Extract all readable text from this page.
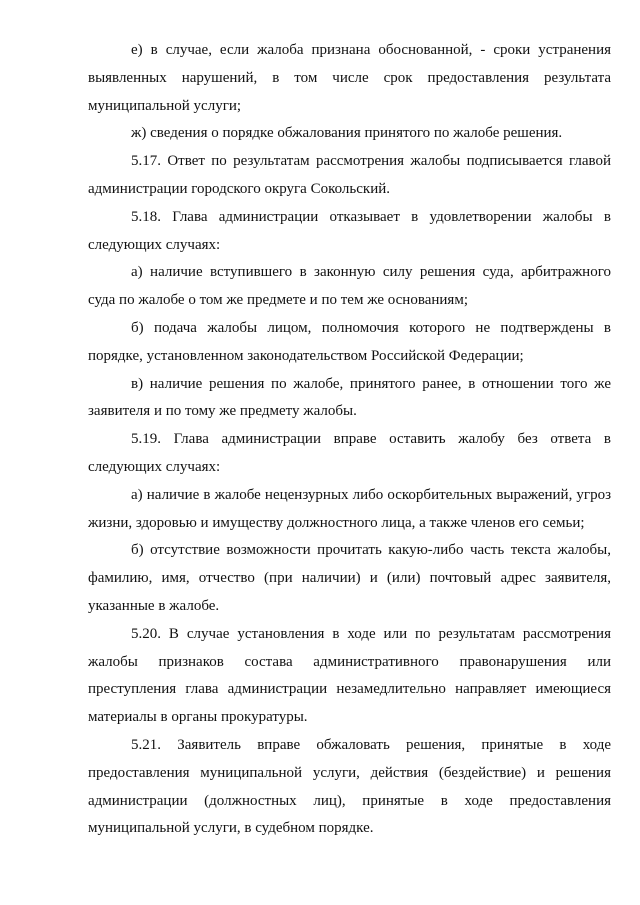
е) в случае, если жалоба признана обоснованной, - сроки устранения выявленных нарушений, в том числе срок предоставления результата муниципальной услуги;

ж) сведения о порядке обжалования принятого по жалобе решения.

5.17. Ответ по результатам рассмотрения жалобы подписывается главой администрации городского округа Сокольский.

5.18. Глава администрации отказывает в удовлетворении жалобы в следующих случаях:

а) наличие вступившего в законную силу решения суда, арбитражного суда по жалобе о том же предмете и по тем же основаниям;

б) подача жалобы лицом, полномочия которого не подтверждены в порядке, установленном законодательством Российской Федерации;

в) наличие решения по жалобе, принятого ранее, в отношении того же заявителя и по тому же предмету жалобы.

5.19. Глава администрации вправе оставить жалобу без ответа в следующих случаях:

а) наличие в жалобе нецензурных либо оскорбительных выражений, угроз жизни, здоровью и имуществу должностного лица, а также членов его семьи;

б) отсутствие возможности прочитать какую-либо часть текста жалобы, фамилию, имя, отчество (при наличии) и (или) почтовый адрес заявителя, указанные в жалобе.

5.20. В случае установления в ходе или по результатам рассмотрения жалобы признаков состава административного правонарушения или преступления глава администрации незамедлительно направляет имеющиеся материалы в органы прокуратуры.

5.21. Заявитель вправе обжаловать решения, принятые в ходе предоставления муниципальной услуги, действия (бездействие) и решения администрации (должностных лиц), принятые в ходе предоставления муниципальной услуги, в судебном порядке.
